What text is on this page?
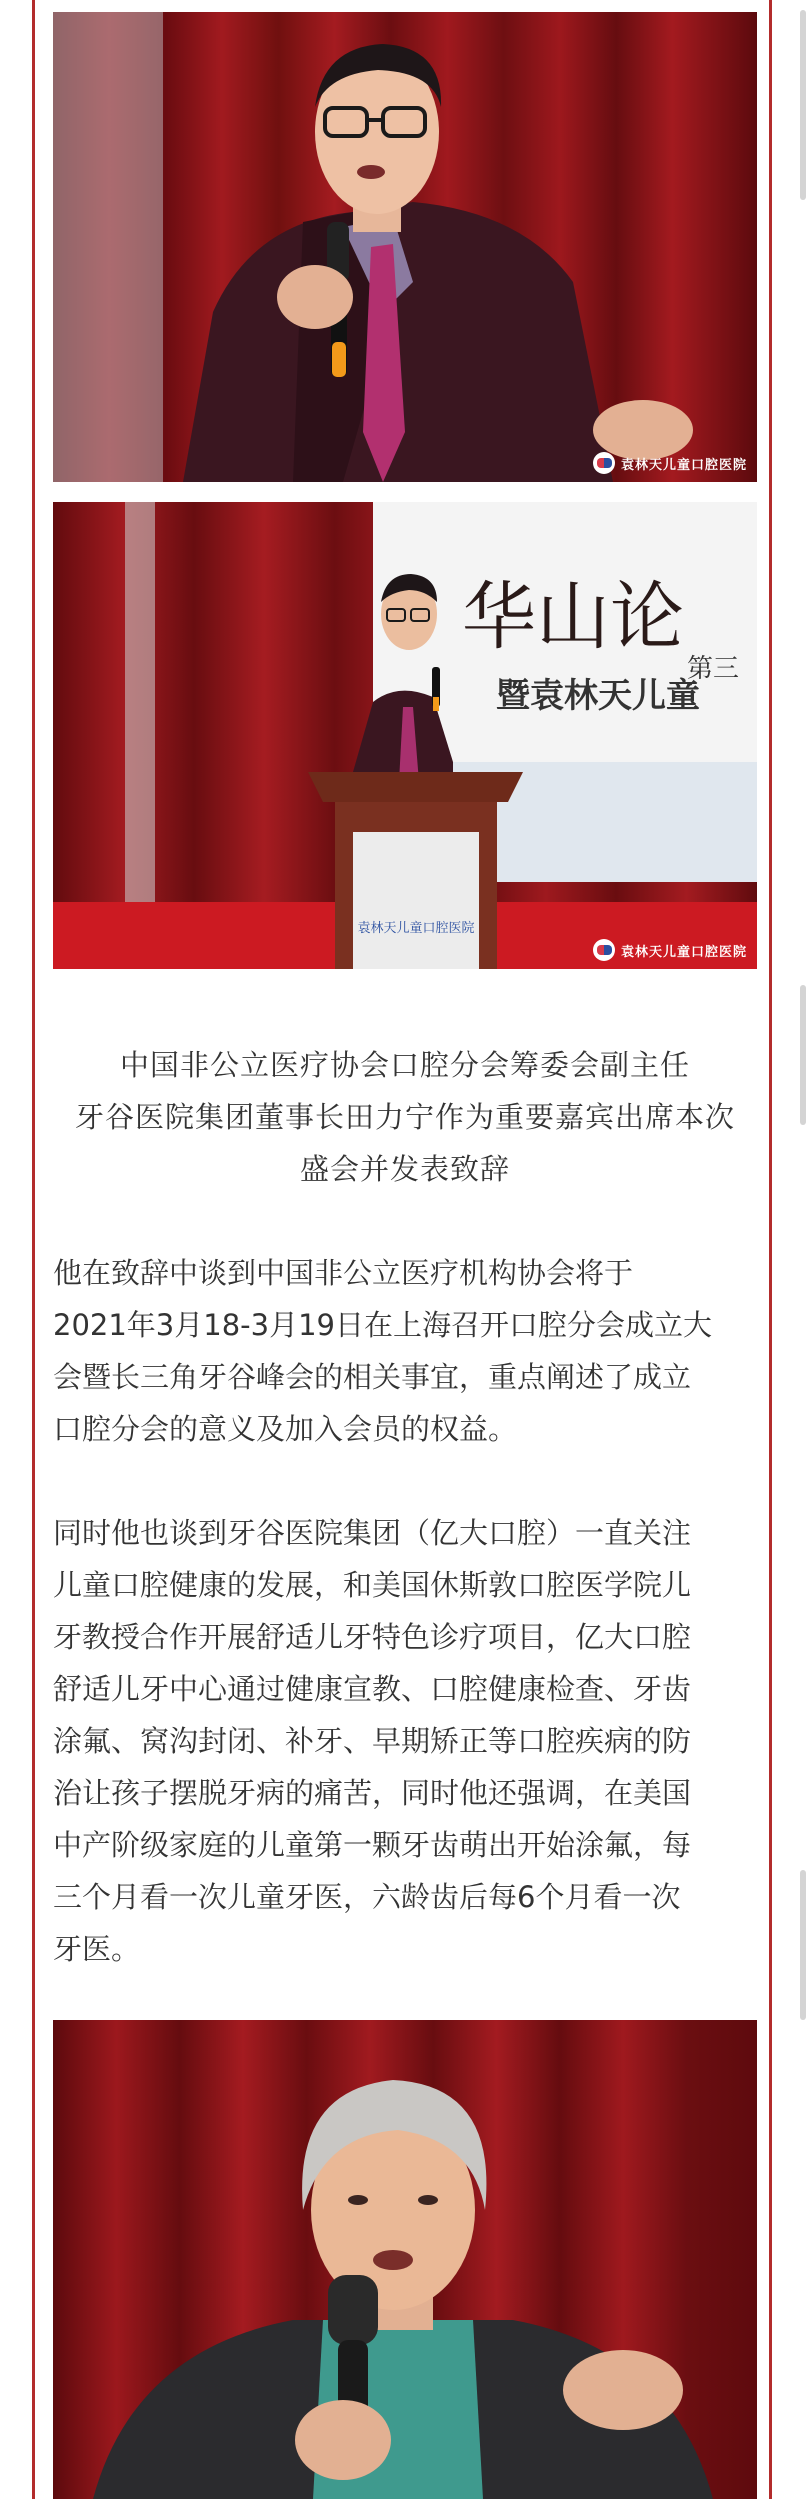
袁林天儿童口腔医院
华山论
第三
暨袁林天儿童
袁林天儿童口腔医院
袁林天儿童口腔医院
中国非公立医疗协会口腔分会筹委会副主任
牙谷医院集团董事长田力宁作为重要嘉宾出席本次
盛会并发表致辞
他在致辞中谈到中国非公立医疗机构协会将于
2021年3月18-3月19日在上海召开口腔分会成立大
会暨长三角牙谷峰会的相关事宜，重点阐述了成立
口腔分会的意义及加入会员的权益。
同时他也谈到牙谷医院集团（亿大口腔）一直关注
儿童口腔健康的发展，和美国休斯敦口腔医学院儿
牙教授合作开展舒适儿牙特色诊疗项目，亿大口腔
舒适儿牙中心通过健康宣教、口腔健康检查、牙齿
涂氟、窝沟封闭、补牙、早期矫正等口腔疾病的防
治让孩子摆脱牙病的痛苦，同时他还强调，在美国
中产阶级家庭的儿童第一颗牙齿萌出开始涂氟，每
三个月看一次儿童牙医，六龄齿后每6个月看一次
牙医。
